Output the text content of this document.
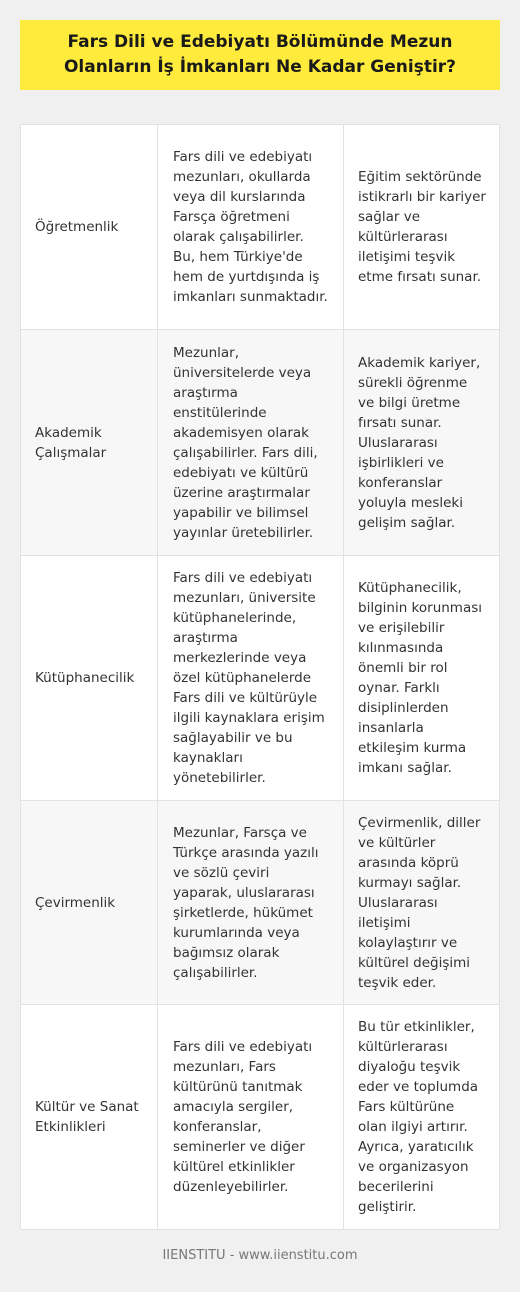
Fars Dili ve Edebiyatı Bölümünde Mezun Olanların İş İmkanları Ne Kadar Geniştir?
Öğretmenlik
Fars dili ve edebiyatı mezunları, okullarda veya dil kurslarında Farsça öğretmeni olarak çalışabilirler. Bu, hem Türkiye'de hem de yurtdışında iş imkanları sunmaktadır.
Eğitim sektöründe istikrarlı bir kariyer sağlar ve kültürlerarası iletişimi teşvik etme fırsatı sunar.
Akademik Çalışmalar
Mezunlar, üniversitelerde veya araştırma enstitülerinde akademisyen olarak çalışabilirler. Fars dili, edebiyatı ve kültürü üzerine araştırmalar yapabilir ve bilimsel yayınlar üretebilirler.
Akademik kariyer, sürekli öğrenme ve bilgi üretme fırsatı sunar. Uluslararası işbirlikleri ve konferanslar yoluyla mesleki gelişim sağlar.
Kütüphanecilik
Fars dili ve edebiyatı mezunları, üniversite kütüphanelerinde, araştırma merkezlerinde veya özel kütüphanelerde Fars dili ve kültürüyle ilgili kaynaklara erişim sağlayabilir ve bu kaynakları yönetebilirler.
Kütüphanecilik, bilginin korunması ve erişilebilir kılınmasında önemli bir rol oynar. Farklı disiplinlerden insanlarla etkileşim kurma imkanı sağlar.
Çevirmenlik
Mezunlar, Farsça ve Türkçe arasında yazılı ve sözlü çeviri yaparak, uluslararası şirketlerde, hükümet kurumlarında veya bağımsız olarak çalışabilirler.
Çevirmenlik, diller ve kültürler arasında köprü kurmayı sağlar. Uluslararası iletişimi kolaylaştırır ve kültürel değişimi teşvik eder.
Kültür ve Sanat Etkinlikleri
Fars dili ve edebiyatı mezunları, Fars kültürünü tanıtmak amacıyla sergiler, konferanslar, seminerler ve diğer kültürel etkinlikler düzenleyebilirler.
Bu tür etkinlikler, kültürlerarası diyaloğu teşvik eder ve toplumda Fars kültürüne olan ilgiyi artırır. Ayrıca, yaratıcılık ve organizasyon becerilerini geliştirir.
IIENSTITU - www.iienstitu.com
